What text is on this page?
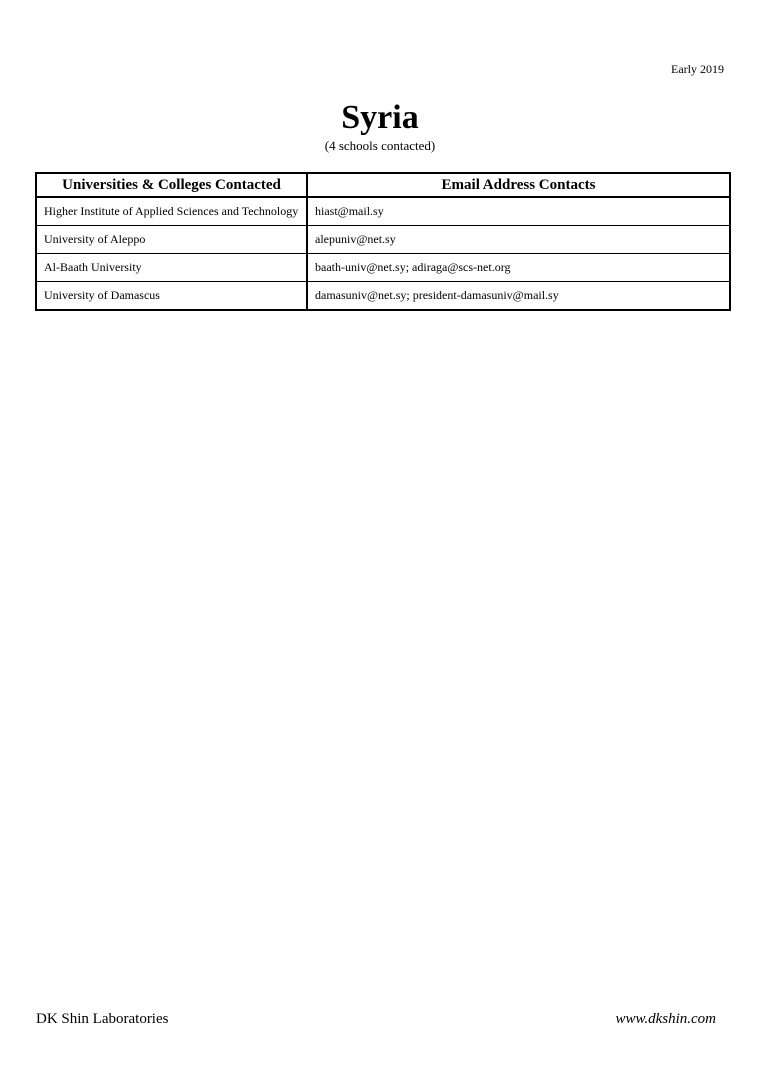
Early 2019
Syria
(4 schools contacted)
Universities & Colleges Contacted	Email Address Contacts
Higher Institute of Applied Sciences and Technology	hiast@mail.sy
University of Aleppo	alepuniv@net.sy
Al-Baath University	baath-univ@net.sy; adiraga@scs-net.org
University of Damascus	damasuniv@net.sy; president-damasuniv@mail.sy
DK Shin Laboratories	www.dkshin.com
